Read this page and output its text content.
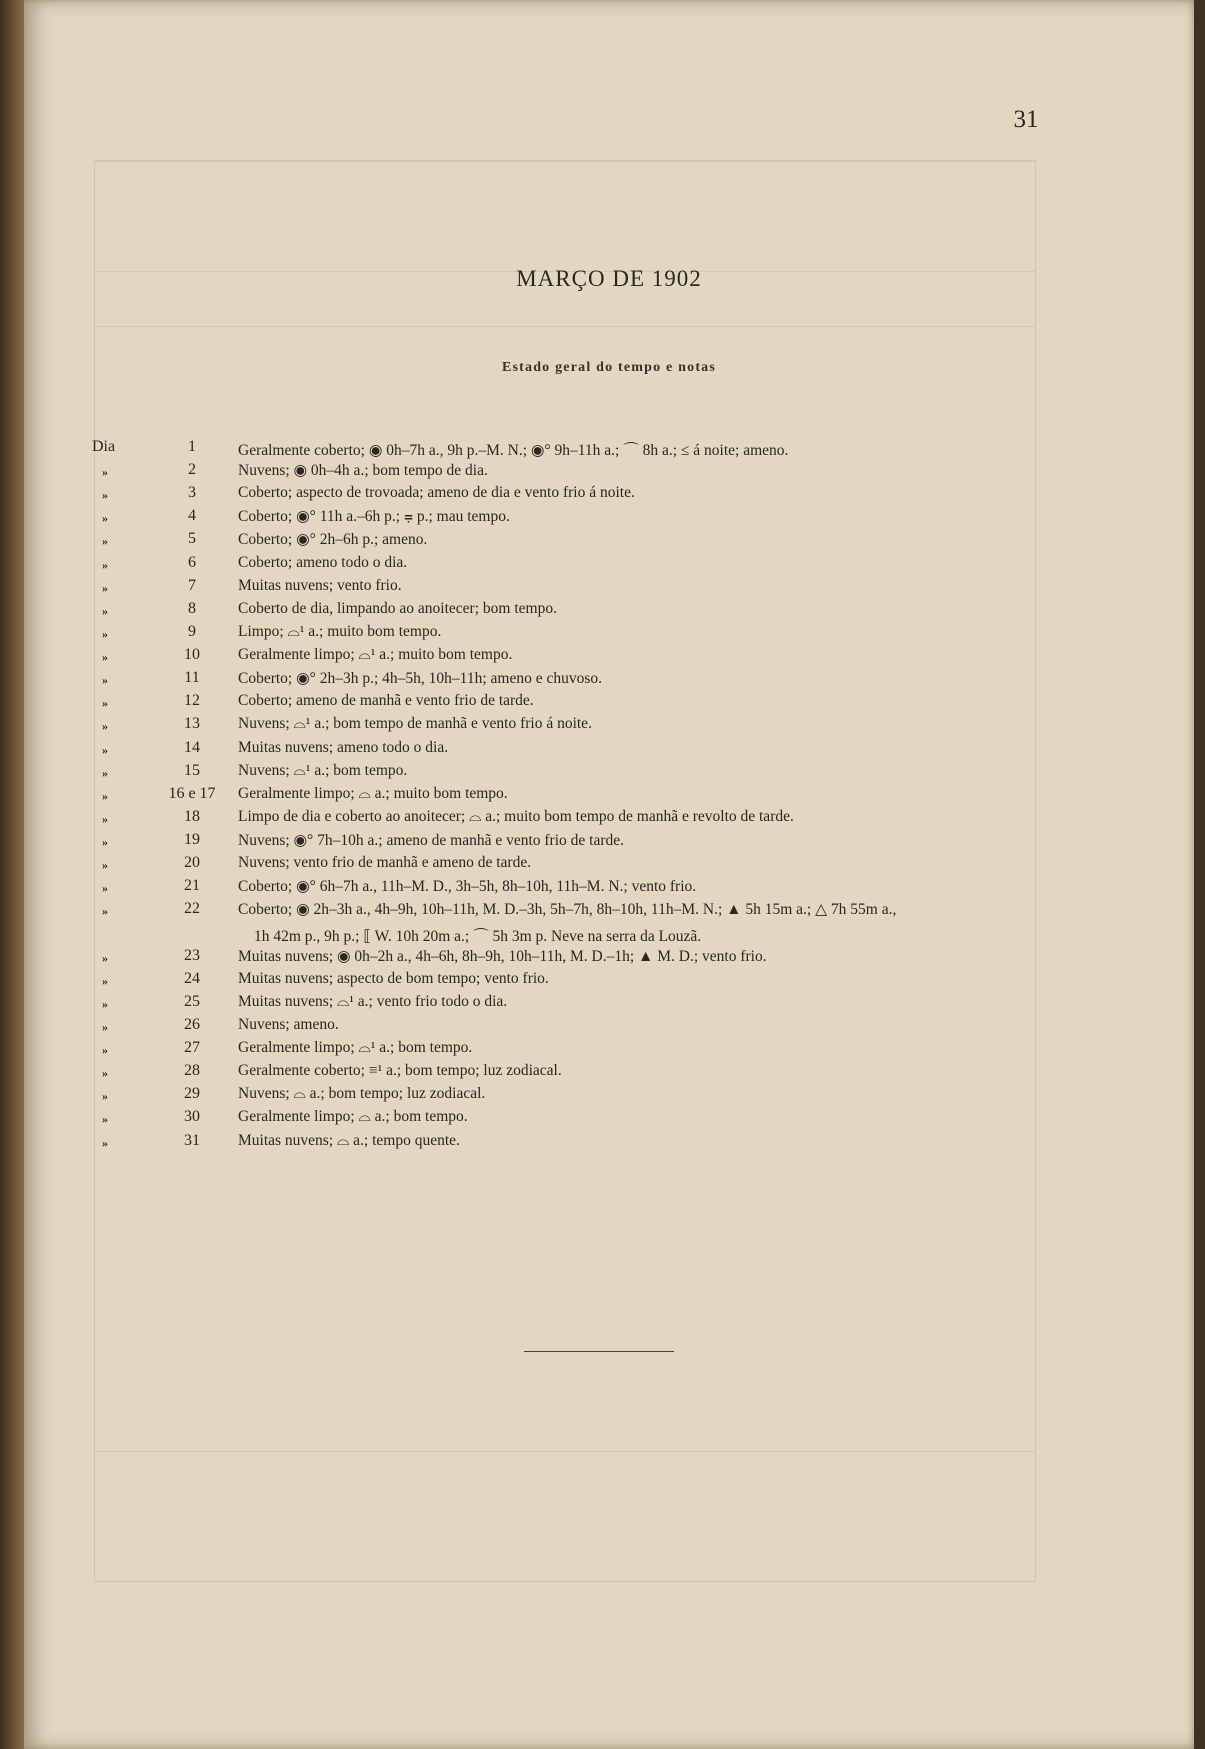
31
MARÇO DE 1902
Estado geral do tempo e notas
Dia	1	Geralmente coberto; ◉ 0h–7h a., 9h p.–M. N.; ◉° 9h–11h a.; ⌒ 8h a.; ≤ á noite; ameno.
»	2	Nuvens; ◉ 0h–4h a.; bom tempo de dia.
»	3	Coberto; aspecto de trovoada; ameno de dia e vento frio á noite.
»	4	Coberto; ◉° 11h a.–6h p.; ⩦ p.; mau tempo.
»	5	Coberto; ◉° 2h–6h p.; ameno.
»	6	Coberto; ameno todo o dia.
»	7	Muitas nuvens; vento frio.
»	8	Coberto de dia, limpando ao anoitecer; bom tempo.
»	9	Limpo; ⌓¹ a.; muito bom tempo.
»	10	Geralmente limpo; ⌓¹ a.; muito bom tempo.
»	11	Coberto; ◉° 2h–3h p.; 4h–5h, 10h–11h; ameno e chuvoso.
»	12	Coberto; ameno de manhã e vento frio de tarde.
»	13	Nuvens; ⌓¹ a.; bom tempo de manhã e vento frio á noite.
»	14	Muitas nuvens; ameno todo o dia.
»	15	Nuvens; ⌓¹ a.; bom tempo.
»	16 e 17	Geralmente limpo; ⌓ a.; muito bom tempo.
»	18	Limpo de dia e coberto ao anoitecer; ⌓ a.; muito bom tempo de manhã e revolto de tarde.
»	19	Nuvens; ◉° 7h–10h a.; ameno de manhã e vento frio de tarde.
»	20	Nuvens; vento frio de manhã e ameno de tarde.
»	21	Coberto; ◉° 6h–7h a., 11h–M. D., 3h–5h, 8h–10h, 11h–M. N.; vento frio.
»	22	Coberto; ◉ 2h–3h a., 4h–9h, 10h–11h, M. D.–3h, 5h–7h, 8h–10h, 11h–M. N.; ▲ 5h 15m a.; △ 7h 55m a.,
1h 42m p., 9h p.; ⟦ W. 10h 20m a.; ⌒ 5h 3m p. Neve na serra da Louzã.
»	23	Muitas nuvens; ◉ 0h–2h a., 4h–6h, 8h–9h, 10h–11h, M. D.–1h; ▲ M. D.; vento frio.
»	24	Muitas nuvens; aspecto de bom tempo; vento frio.
»	25	Muitas nuvens; ⌓¹ a.; vento frio todo o dia.
»	26	Nuvens; ameno.
»	27	Geralmente limpo; ⌓¹ a.; bom tempo.
»	28	Geralmente coberto; ≡¹ a.; bom tempo; luz zodiacal.
»	29	Nuvens; ⌓ a.; bom tempo; luz zodiacal.
»	30	Geralmente limpo; ⌓ a.; bom tempo.
»	31	Muitas nuvens; ⌓ a.; tempo quente.
